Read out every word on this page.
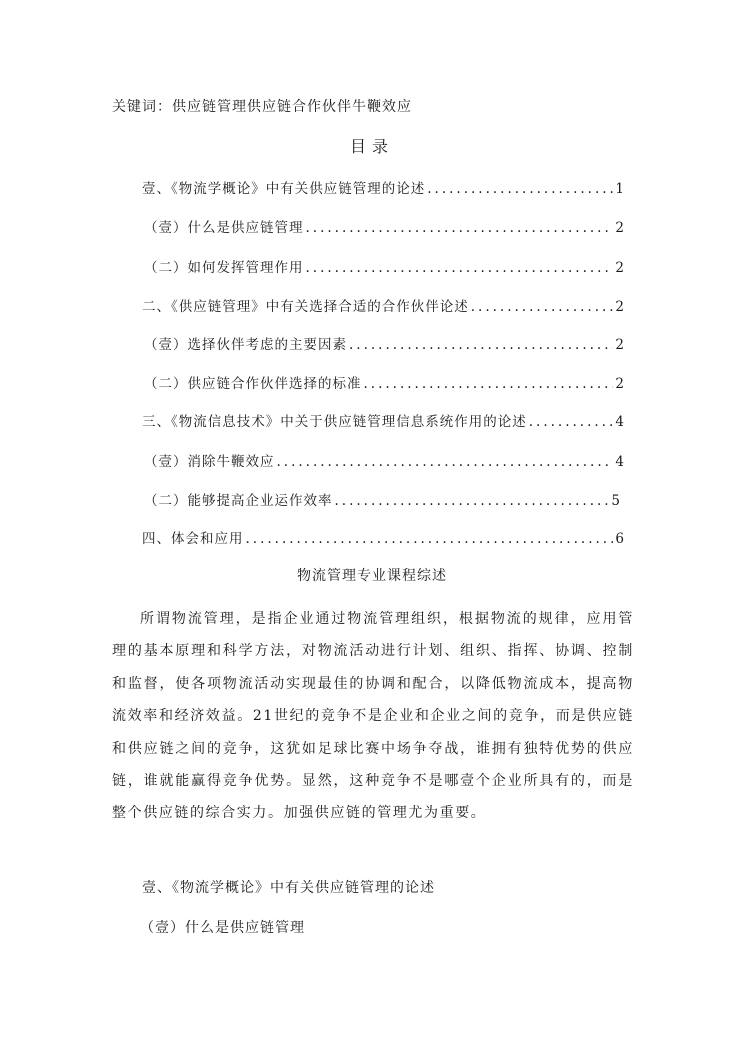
关键词：供应链管理供应链合作伙伴牛鞭效应
目录
壹、《物流学概论》中有关供应链管理的论述 .....	1
（壹）什么是供应链管理 .....	2
（二）如何发挥管理作用 .....	2
二、《供应链管理》中有关选择合适的合作伙伴论述 .....	2
（壹）选择伙伴考虑的主要因素 .....	2
（二）供应链合作伙伴选择的标准 .....	2
三、《物流信息技术》中关于供应链管理信息系统作用的论述 .....	4
（壹）消除牛鞭效应 .....	4
（二）能够提高企业运作效率 .....	5
四、体会和应用 .....	6
物流管理专业课程综述

所谓物流管理，是指企业通过物流管理组织，根据物流的规律，应用管理的基本原理和科学方法，对物流活动进行计划、组织、指挥、协调、控制和监督，使各项物流活动实现最佳的协调和配合，以降低物流成本，提高物流效率和经济效益。21世纪的竞争不是企业和企业之间的竞争，而是供应链和供应链之间的竞争，这犹如足球比赛中场争夺战，谁拥有独特优势的供应链，谁就能赢得竞争优势。显然，这种竞争不是哪壹个企业所具有的，而是整个供应链的综合实力。加强供应链的管理尤为重要。

壹、《物流学概论》中有关供应链管理的论述
（壹）什么是供应链管理
